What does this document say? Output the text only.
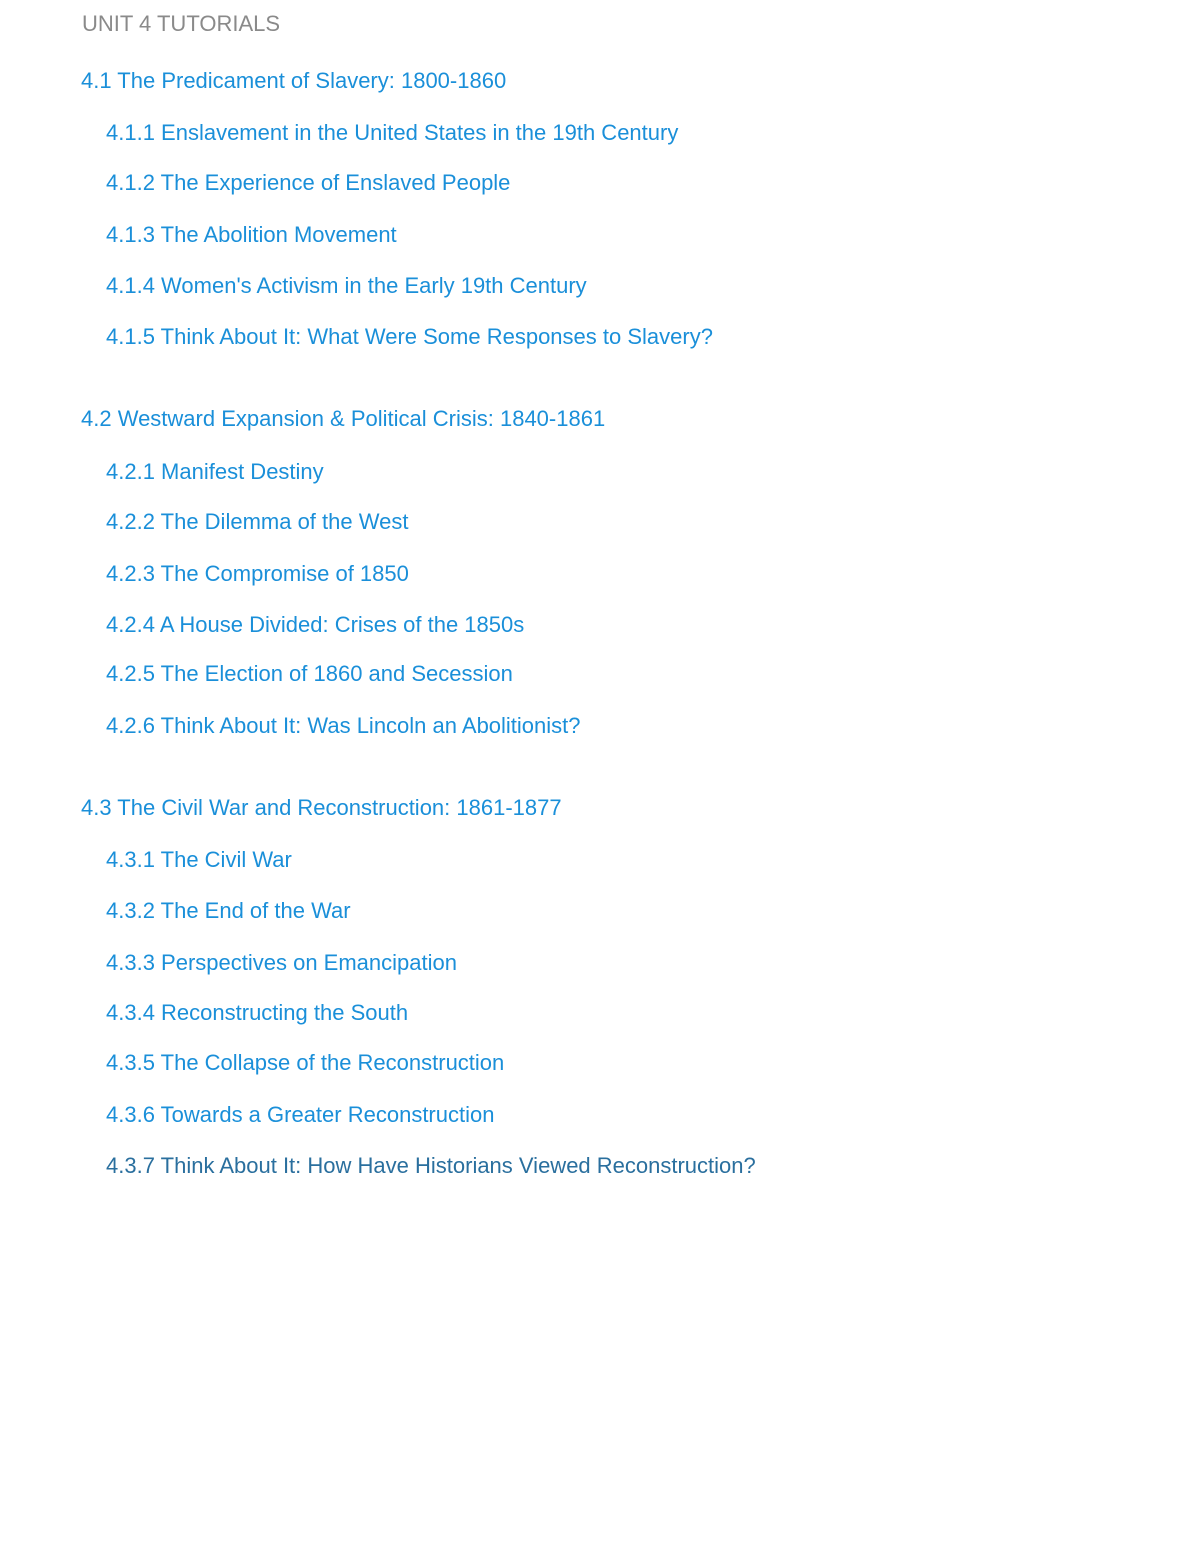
UNIT 4 TUTORIALS
4.1 The Predicament of Slavery: 1800-1860
4.1.1 Enslavement in the United States in the 19th Century
4.1.2 The Experience of Enslaved People
4.1.3 The Abolition Movement
4.1.4 Women's Activism in the Early 19th Century
4.1.5 Think About It: What Were Some Responses to Slavery?
4.2 Westward Expansion & Political Crisis: 1840-1861
4.2.1 Manifest Destiny
4.2.2 The Dilemma of the West
4.2.3 The Compromise of 1850
4.2.4 A House Divided: Crises of the 1850s
4.2.5 The Election of 1860 and Secession
4.2.6 Think About It: Was Lincoln an Abolitionist?
4.3 The Civil War and Reconstruction: 1861-1877
4.3.1 The Civil War
4.3.2 The End of the War
4.3.3 Perspectives on Emancipation
4.3.4 Reconstructing the South
4.3.5 The Collapse of the Reconstruction
4.3.6 Towards a Greater Reconstruction
4.3.7 Think About It: How Have Historians Viewed Reconstruction?
